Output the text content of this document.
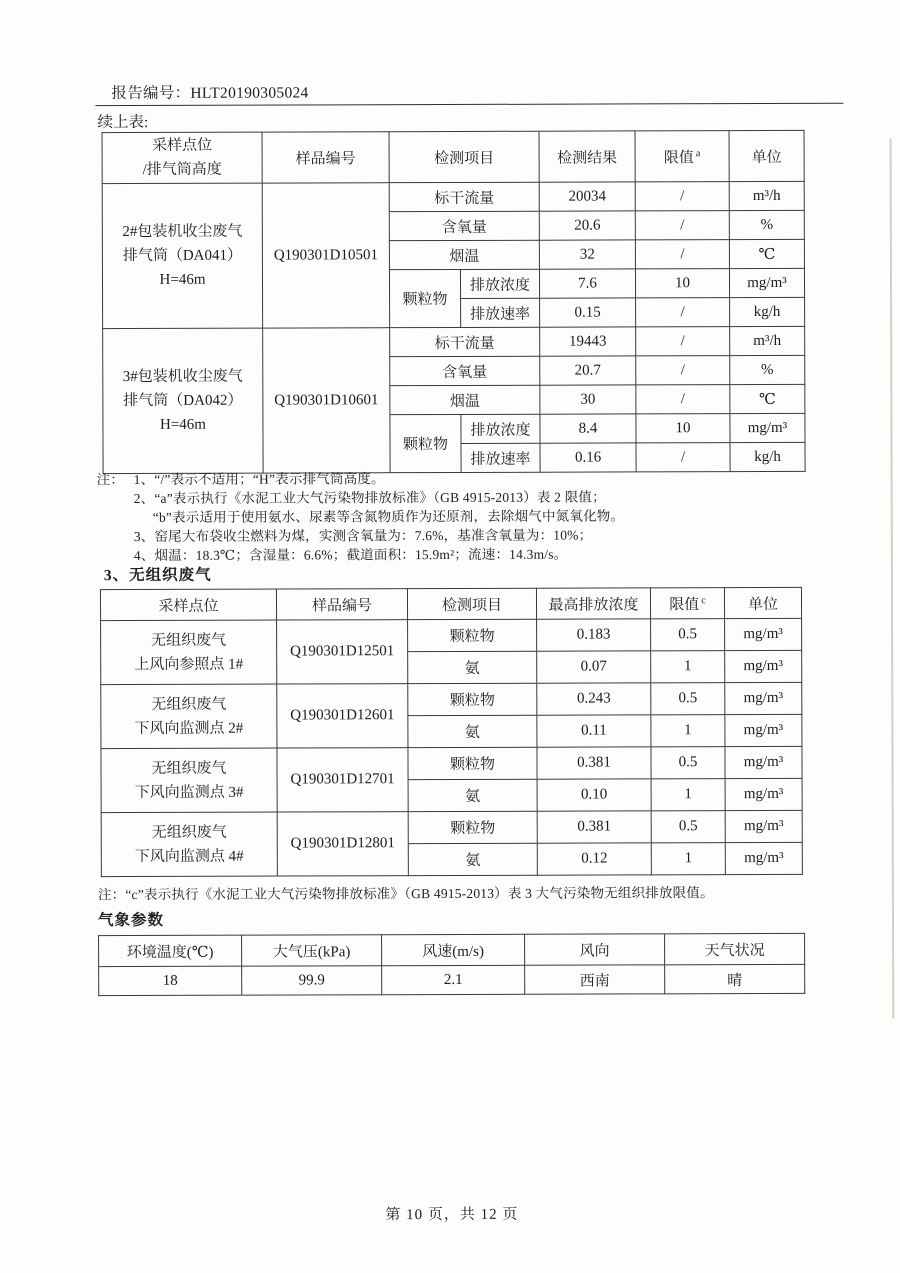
报告编号：HLT20190305024
续上表:
采样点位
/排气筒高度	样品编号	检测项目		检测结果	限值 $^a$	单位

2#包装机收尘废气
排气筒（DA041）
H=46m	Q190301D10501	标干流量		20034	/	m³/h
		含氧量		20.6	/	%
		烟温		32	/	℃
		颗粒物	排放浓度	7.6	10	mg/m³
			排放速率	0.15	/	kg/h

3#包装机收尘废气
排气筒（DA042）
H=46m	Q190301D10601	标干流量		19443	/	m³/h
		含氧量		20.7	/	%
		烟温		30	/	℃
		颗粒物	排放浓度	8.4	10	mg/m³
			排放速率	0.16	/	kg/h
注： 1、“/”表示不适用；“H”表示排气筒高度。
2、“a”表示执行《水泥工业大气污染物排放标准》（GB 4915-2013）表 2 限值；
“b”表示适用于使用氨水、尿素等含氮物质作为还原剂，去除烟气中氮氧化物。
3、窑尾大布袋收尘燃料为煤，实测含氧量为：7.6%，基准含氧量为：10%；
4、烟温：18.3℃；含湿量：6.6%；截道面积：15.9m²；流速：14.3m/s。
3、无组织废气
采样点位	样品编号	检测项目	最高排放浓度	限值 $^c$	单位

无组织废气
上风向参照点 1#	Q190301D12501	颗粒物	0.183	0.5	mg/m³
		氨	0.07	1	mg/m³

无组织废气
下风向监测点 2#	Q190301D12601	颗粒物	0.243	0.5	mg/m³
		氨	0.11	1	mg/m³

无组织废气
下风向监测点 3#	Q190301D12701	颗粒物	0.381	0.5	mg/m³
		氨	0.10	1	mg/m³

无组织废气
下风向监测点 4#	Q190301D12801	颗粒物	0.381	0.5	mg/m³
		氨	0.12	1	mg/m³
注：“c”表示执行《水泥工业大气污染物排放标准》（GB 4915-2013）表 3 大气污染物无组织排放限值。
气象参数
环境温度(℃)	大气压(kPa)	风速(m/s)	风向	天气状况
18	99.9	2.1	西南	晴
第 10 页，共 12 页
